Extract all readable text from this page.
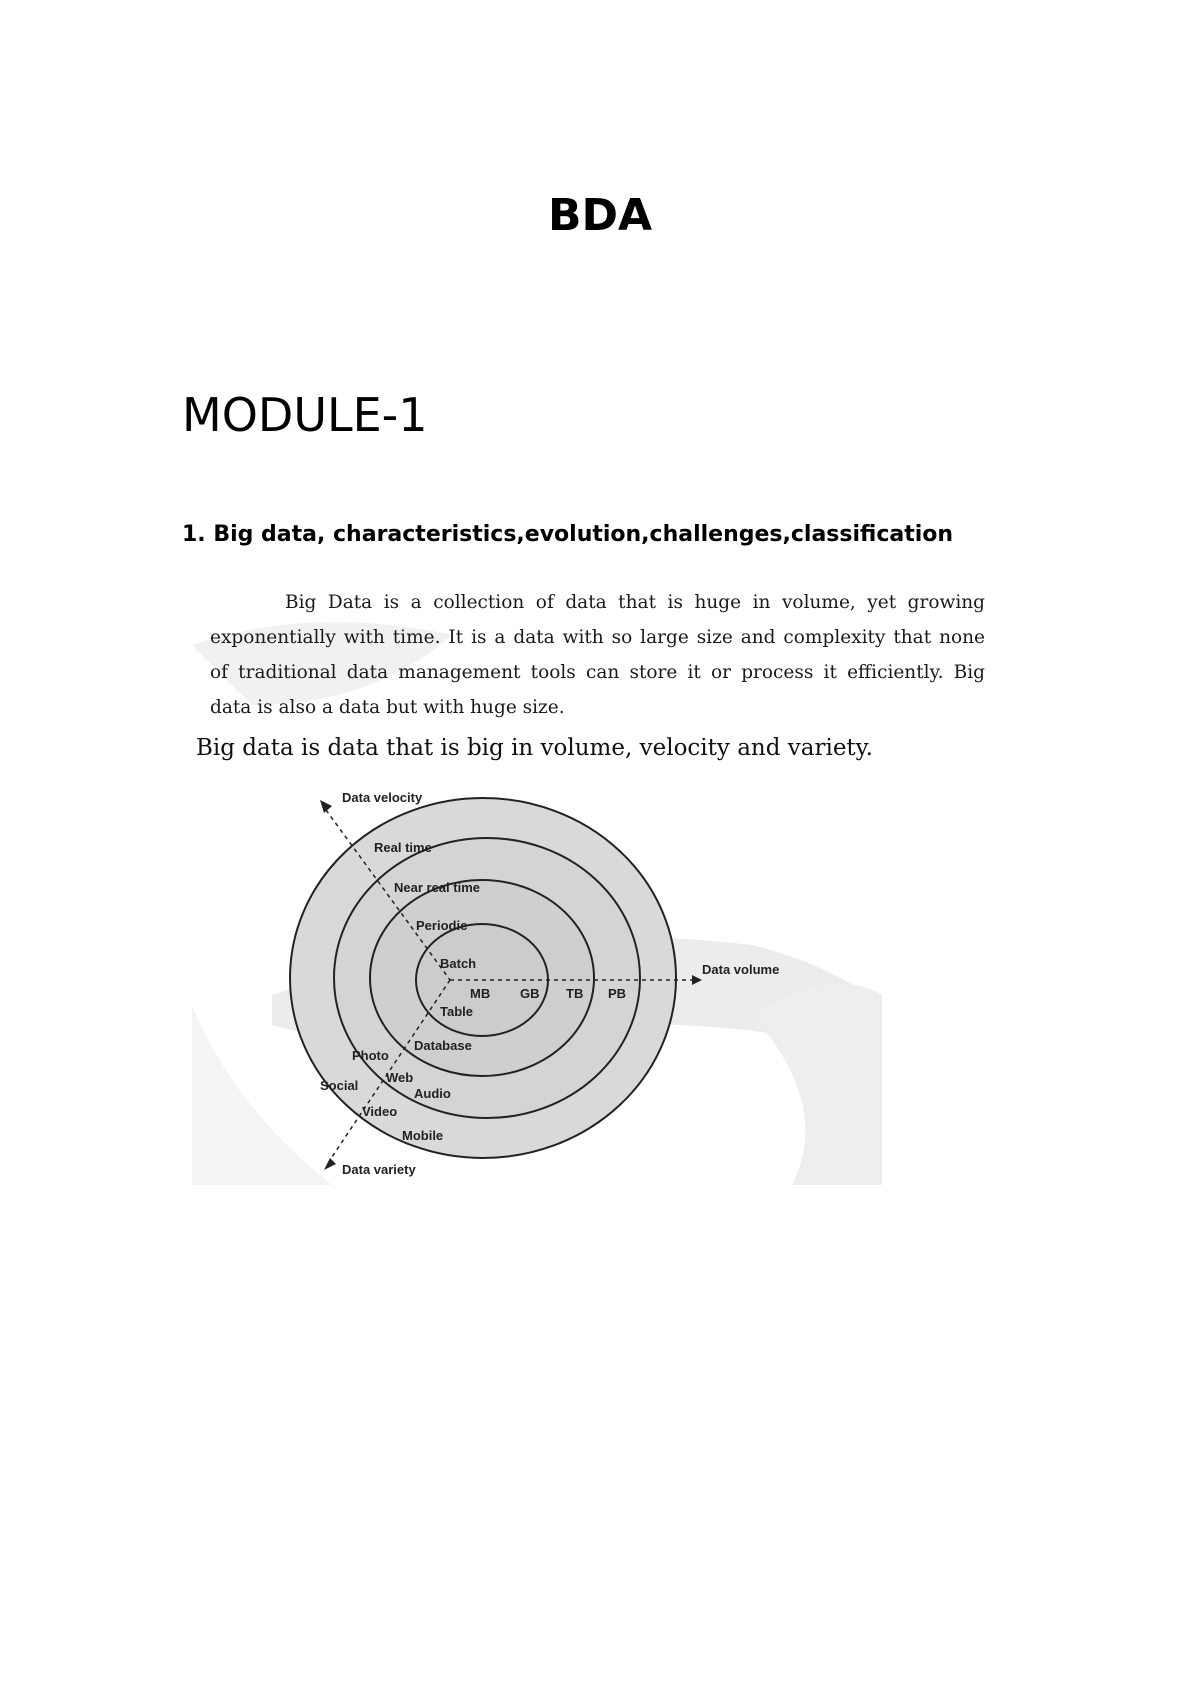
BDA
MODULE-1
1. Big data, characteristics,evolution,challenges,classification
Big Data is a collection of data that is huge in volume, yet growing
exponentially with time. It is a data with so large size and complexity that none
of traditional data management tools can store it or process it efficiently. Big
data is also a data but with huge size.
Big data is data that is big in volume, velocity and variety.
Data velocity
Data volume
Data variety
Real time
Near real time
Periodic
Batch
MB GB TB PB
Table
Database
Photo
Web
Audio
Social
Video
Mobile
